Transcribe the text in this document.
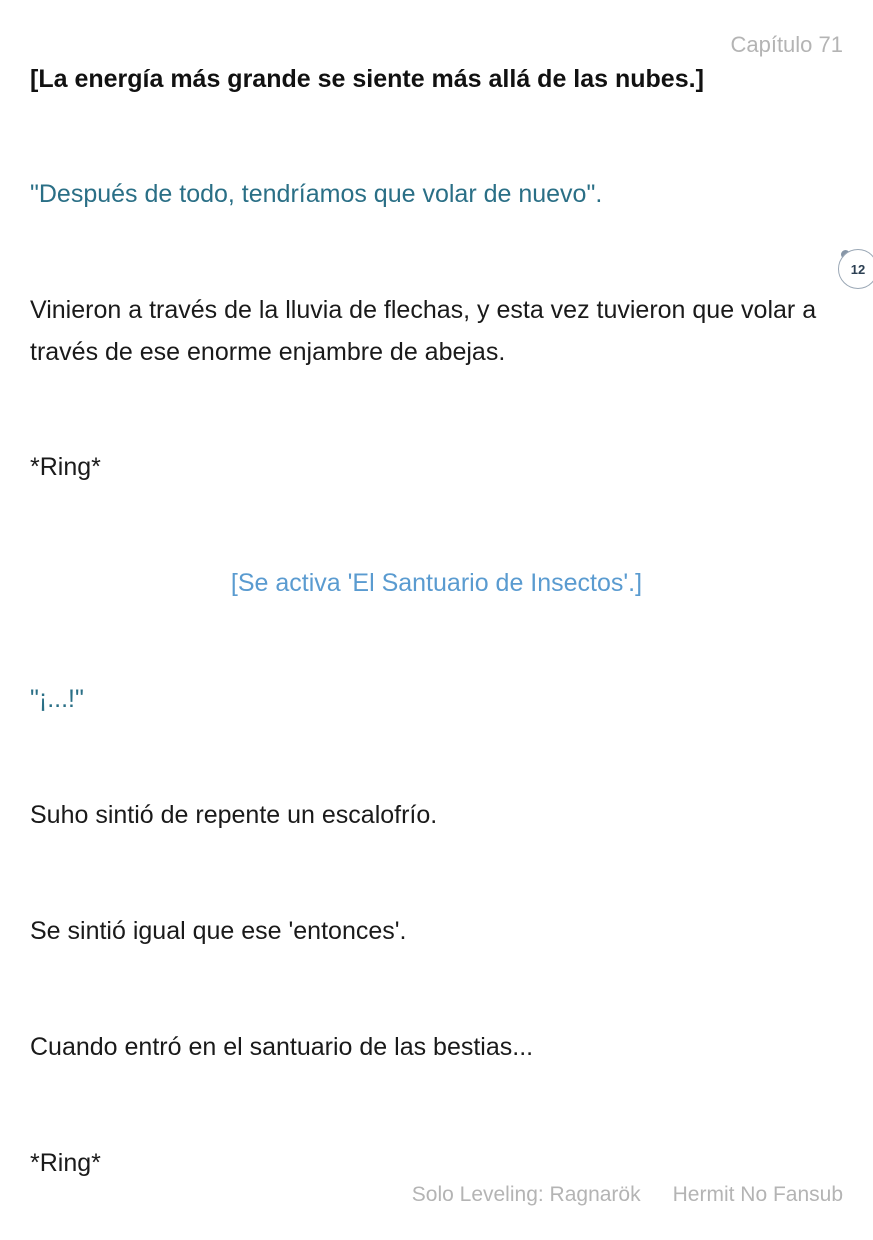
Capítulo 71
[La energía más grande se siente más allá de las nubes.]
"Después de todo, tendríamos que volar de nuevo".
12
Vinieron a través de la lluvia de flechas, y esta vez tuvieron que volar a través de ese enorme enjambre de abejas.
*Ring*
[Se activa 'El Santuario de Insectos'.]
"¡...!"
Suho sintió de repente un escalofrío.
Se sintió igual que ese 'entonces'.
Cuando entró en el santuario de las bestias...
*Ring*
Solo Leveling: Ragnarök Hermit No Fansub
